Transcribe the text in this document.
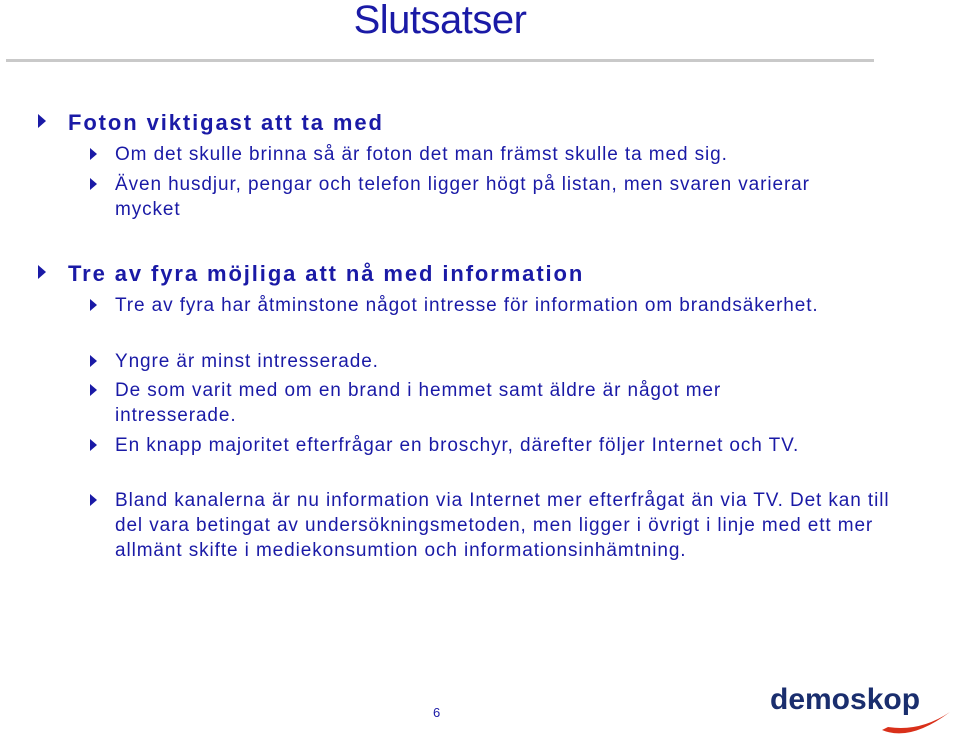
Slutsatser
Foton viktigast att ta med
Om det skulle brinna så är foton det man främst skulle ta med sig.
Även husdjur, pengar och telefon ligger högt på listan, men svaren varierar mycket
Tre av fyra möjliga att nå med information
Tre av fyra har åtminstone något intresse för information om brandsäkerhet.
Yngre är minst intresserade.
De som varit med om en brand i hemmet samt äldre är något mer intresserade.
En knapp majoritet efterfrågar en broschyr, därefter följer Internet och TV.
Bland kanalerna är nu information via Internet mer efterfrågat än via TV. Det kan till del vara betingat av undersökningsmetoden, men ligger i övrigt i linje med ett mer allmänt skifte i mediekonsumtion och informationsinhämtning.
6	demoskop
